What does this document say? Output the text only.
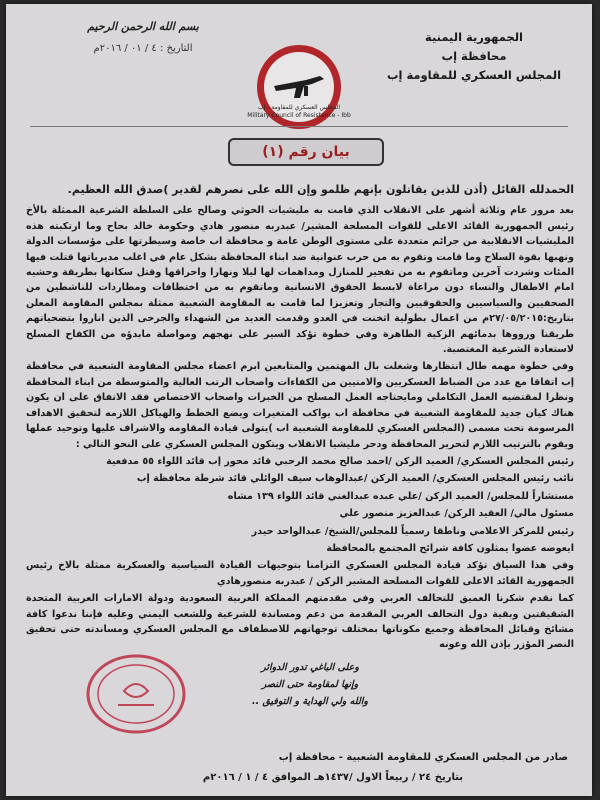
الجمهورية اليمنية
محافظة إب
المجلس العسكري للمقاومة إب
بسم الله الرحمن الرحيم
التاريخ : ٤ / ٠١ / ٢٠١٦م
المجلس العسكري للمقاومة - إب
Military Council of Resistance - Ibb
بيان رقم (١)

الحمدلله القائل (أذن للذين يقاتلون بإنهم ظلمو وإن الله على نصرهم لقدير )صدق الله العظيم.

بعد مرور عام وثلاثة أشهر على الانقلاب الذي قامت به مليشيات الحوثي وصالح على السلطة الشرعية الممثلة بالأخ رئيس الجمهورية القائد الاعلى للقوات المسلحة المشير/ عبدربه منصور هادي وحكومة خالد بحاح وما ارتكبته هذه المليشيات الانقلابية من جرائم متعددة على مستوى الوطن عامة و محافظة اب خاصة وسيطرتها على مؤسسات الدولة ونهبها بقوة السلاح وما قامت وتقوم به من حرب عنوانية ضد ابناء المحافظة بشكل عام في اغلب مديرياتها قتلت فيها المئات وشردت آخرين وماتقوم به من تفجير للمنازل ومداهمات لها ليلا ونهارا واحراقها وقتل سكانها بطريقة وحشيه امام الاطفال والنساء دون مراعاة لابسط الحقوق الانسانية وماتقوم به من اختطافات ومطاردات للناشطين من الصحفيين والسياسيين والحقوقيين والتجار وتعزيزا لما قامت به المقاومة الشعبية ممثلة بمجلس المقاومة المعلن بتاريخ:٢٧/٠٥/٢٠١٥م من اعمال بطولية اثخنت في العدو وقدمت العديد من الشهداء والجرحى الذين اناروا بتضحياتهم طريقنا ورووها بدمائهم الزكية الطاهرة وفي خطوة تؤكد السير على نهجهم ومواصلة مابدؤه من الكفاح المسلح لاستعادة الشرعية المغتصبة.

وفي خطوة مهمه طال انتظارها وشغلت بال المهتمين والمتابعين ابرم اعضاء مجلس المقاومة الشعبية في محافظة إب اتفاقا مع عدد من الضباط العسكريين والامنيين من الكفاءات واصحاب الرتب العالية والمتوسطة من ابناء المحافظة ونظرا لمقتضيه العمل التكاملي ومايحتاجه العمل المسلح من الخبرات واصحاب الاختصاص فقد الاتفاق على ان يكون هناك كيان جديد للمقاومة الشعبية في محافظة اب يواكب المتغيرات ويضع الخطط والهياكل اللازمه لتحقيق الاهداف المرسومة تحت مسمى (المجلس العسكري للمقاومة الشعبية اب )يتولى قيادة المقاومه والاشراف عليها وتوحيد عملها ويقوم بالترتيب اللازم لتحرير المحافظة ودحر مليشيا الانقلاب ويتكون المجلس العسكري على النحو التالي :

رئيس المجلس العسكري/ العميد الركن /احمد صالح محمد الرحبي قائد محور إب قائد اللواء ٥٥ مدفعية

نائب رئيس المجلس العسكري/ العميد الركن /عبدالوهاب سيف الوائلي قائد شرطة محافظة إب

مستشاراً للمجلس/ العميد الركن /علي عبده عبدالغني قائد اللواء ١٣٩ مشاه

مسئول مالي/ العقيد الركن/ عبدالعزيز منصور علي

رئيس للمركز الاعلامي وناطقا رسمياً للمجلس/الشيخ/ عبدالواحد حيدر

ايعوضه عضوا يمثلون كافة شرائح المجتمع بالمحافظة

وفي هذا السياق تؤكد قيادة المجلس العسكري التزامنا بتوجيهات القيادة السياسية والعسكرية ممثلة بالاخ رئيس الجمهورية القائد الاعلى للقوات المسلحة المشير الركن / عبدربه منصورهادي

كما نقدم شكرنا العميق للتحالف العربي وفي مقدمتهم المملكة العربية السعودية ودولة الامارات العربية المتحدة الشقيقتين وبقية دول التحالف العربي المقدمة من دعم ومساندة للشرعية وللشعب اليمني وعليه فإننا ندعوا كافة مشائخ وقبائل المحافظة وجميع مكوناتها بمختلف توجهاتهم للاصطفاف مع المجلس العسكري ومساندته حتى تحقيق النصر المؤزر بإذن الله وعونه

وعلى الباغي تدور الدوائر
وإنها لمقاومة حتى النصر
والله ولي الهداية و التوفيق ..
صادر من المجلس العسكري للمقاومة الشعبية - محافظة إب
بتاريخ ٢٤ / ربيعاً الاول /١٤٣٧هـ الموافق ٤ / ١ / ٢٠١٦م
